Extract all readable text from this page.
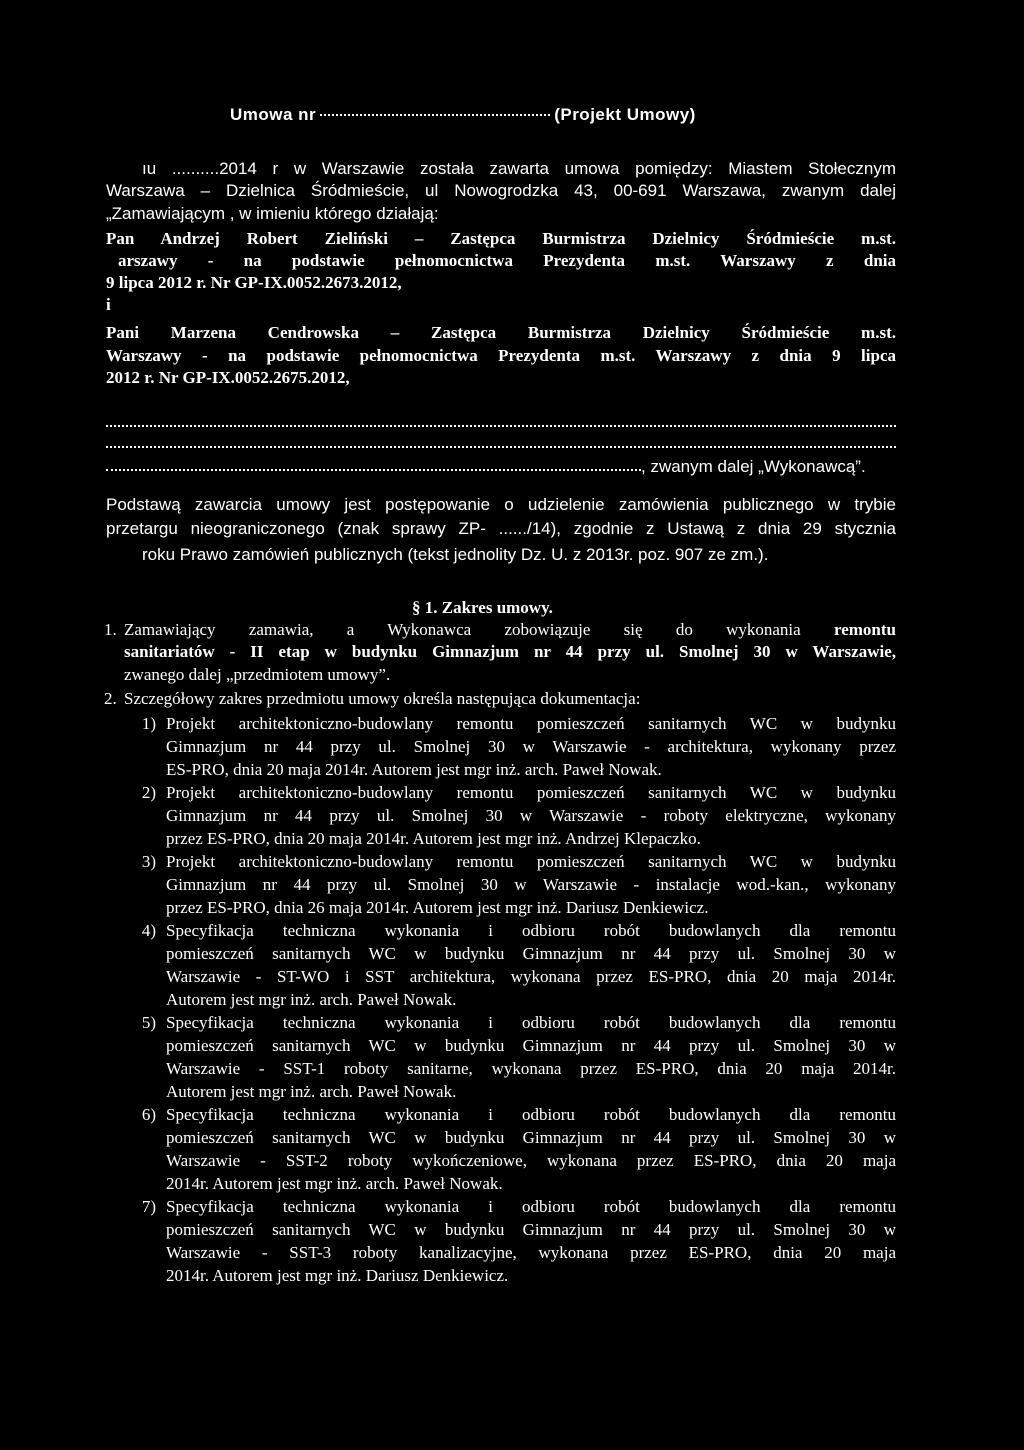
Umowa nr	(Projekt Umowy)
ıu ..........2014 r w Warszawie została zawarta umowa pomiędzy: Miastem Stołecznym
Warszawa – Dzielnica Śródmieście, ul Nowogrodzka 43, 00-691 Warszawa, zwanym dalej
„Zamawiającym , w imieniu którego działają:
Pan Andrzej Robert Zieliński – Zastępca Burmistrza Dzielnicy Śródmieście m.st.
arszawy - na podstawie pełnomocnictwa Prezydenta m.st. Warszawy z dnia
9 lipca 2012 r. Nr GP-IX.0052.2673.2012,
i
Pani Marzena Cendrowska – Zastępca Burmistrza Dzielnicy Śródmieście m.st.
Warszawy - na podstawie pełnomocnictwa Prezydenta m.st. Warszawy z dnia 9 lipca
2012 r. Nr GP-IX.0052.2675.2012,
, zwanym dalej „Wykonawcą”.
Podstawą zawarcia umowy jest postępowanie o udzielenie zamówienia publicznego w trybie
przetargu nieograniczonego (znak sprawy ZP- ....../14), zgodnie z Ustawą z dnia 29 stycznia
roku Prawo zamówień publicznych (tekst jednolity Dz. U. z 2013r. poz. 907 ze zm.).
§ 1. Zakres umowy.
1. Zamawiający zamawia, a Wykonawca zobowiązuje się do wykonania remontu
sanitariatów - II etap w budynku Gimnazjum nr 44 przy ul. Smolnej 30 w Warszawie,
zwanego dalej „przedmiotem umowy”.
2. Szczegółowy zakres przedmiotu umowy określa następująca dokumentacja:
1) Projekt architektoniczno-budowlany remontu pomieszczeń sanitarnych WC w budynku
Gimnazjum nr 44 przy ul. Smolnej 30 w Warszawie - architektura, wykonany przez
ES-PRO, dnia 20 maja 2014r. Autorem jest mgr inż. arch. Paweł Nowak.
2) Projekt architektoniczno-budowlany remontu pomieszczeń sanitarnych WC w budynku
Gimnazjum nr 44 przy ul. Smolnej 30 w Warszawie - roboty elektryczne, wykonany
przez ES-PRO, dnia 20 maja 2014r. Autorem jest mgr inż. Andrzej Klepaczko.
3) Projekt architektoniczno-budowlany remontu pomieszczeń sanitarnych WC w budynku
Gimnazjum nr 44 przy ul. Smolnej 30 w Warszawie - instalacje wod.-kan., wykonany
przez ES-PRO, dnia 26 maja 2014r. Autorem jest mgr inż. Dariusz Denkiewicz.
4) Specyfikacja techniczna wykonania i odbioru robót budowlanych dla remontu
pomieszczeń sanitarnych WC w budynku Gimnazjum nr 44 przy ul. Smolnej 30 w
Warszawie - ST-WO i SST architektura, wykonana przez ES-PRO, dnia 20 maja 2014r.
Autorem jest mgr inż. arch. Paweł Nowak.
5) Specyfikacja techniczna wykonania i odbioru robót budowlanych dla remontu
pomieszczeń sanitarnych WC w budynku Gimnazjum nr 44 przy ul. Smolnej 30 w
Warszawie - SST-1 roboty sanitarne, wykonana przez ES-PRO, dnia 20 maja 2014r.
Autorem jest mgr inż. arch. Paweł Nowak.
6) Specyfikacja techniczna wykonania i odbioru robót budowlanych dla remontu
pomieszczeń sanitarnych WC w budynku Gimnazjum nr 44 przy ul. Smolnej 30 w
Warszawie - SST-2 roboty wykończeniowe, wykonana przez ES-PRO, dnia 20 maja
2014r. Autorem jest mgr inż. arch. Paweł Nowak.
7) Specyfikacja techniczna wykonania i odbioru robót budowlanych dla remontu
pomieszczeń sanitarnych WC w budynku Gimnazjum nr 44 przy ul. Smolnej 30 w
Warszawie - SST-3 roboty kanalizacyjne, wykonana przez ES-PRO, dnia 20 maja
2014r. Autorem jest mgr inż. Dariusz Denkiewicz.
